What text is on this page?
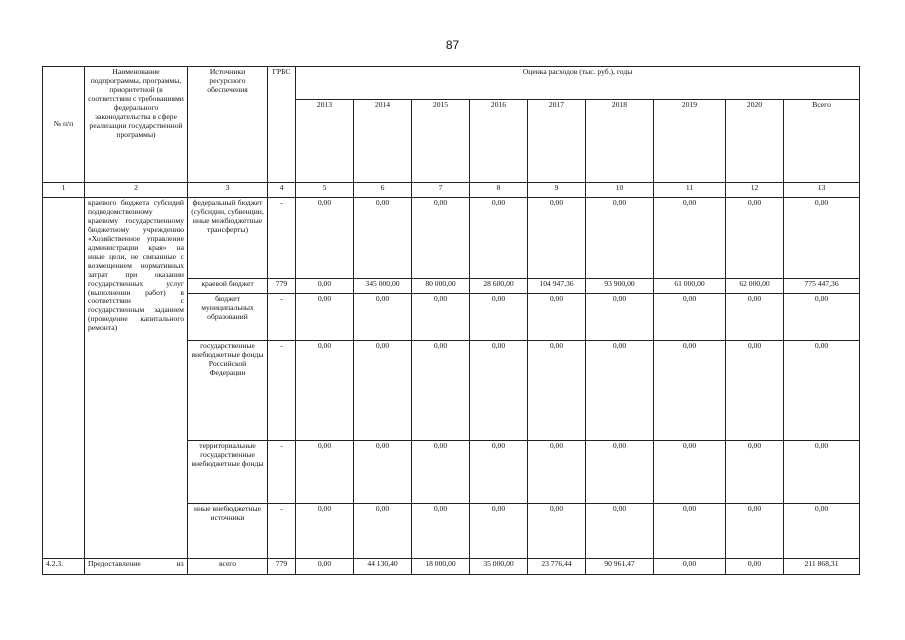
87
№ п/п	Наименование подпрограммы, программы, приоритетной (в соответствии с требованиями федерального законодательства в сфере реализации государственной программы)	Источники ресурсного обеспечения	ГРБС	Оценка расходов (тыс. руб.), годы								
				2013	2014	2015	2016	2017	2018	2019	2020	Всего
1	2	3	4	5	6	7	8	9	10	11	12	13
	краевого бюджета субсидий подведомственному краевому государственному бюджетному учреждению «Хозяйственное управление администрации края» на иные цели, не связанные с возмещением нормативных затрат при оказании государственных услуг (выполнении работ) в соответствии с государственным заданием (проведение капитального ремонта)	федеральный бюджет (субсидии, субвенции, иные межбюджетные трансферты)	-	0,00	0,00	0,00	0,00	0,00	0,00	0,00	0,00	0,00
		краевой бюджет	779	0,00	345 000,00	80 000,00	28 600,00	104 947,36	93 900,00	61 000,00	62 000,00	775 447,36
		бюджет муниципальных образований	-	0,00	0,00	0,00	0,00	0,00	0,00	0,00	0,00	0,00
		государственные внебюджетные фонды Российской Федерации	-	0,00	0,00	0,00	0,00	0,00	0,00	0,00	0,00	0,00
		территориальные государственные внебюджетные фонды	-	0,00	0,00	0,00	0,00	0,00	0,00	0,00	0,00	0,00
		иные внебюджетные источники	-	0,00	0,00	0,00	0,00	0,00	0,00	0,00	0,00	0,00
4.2.3.	Предоставление из	всего	779	0,00	44 130,40	18 000,00	35 000,00	23 776,44	90 961,47	0,00	0,00	211 868,31
